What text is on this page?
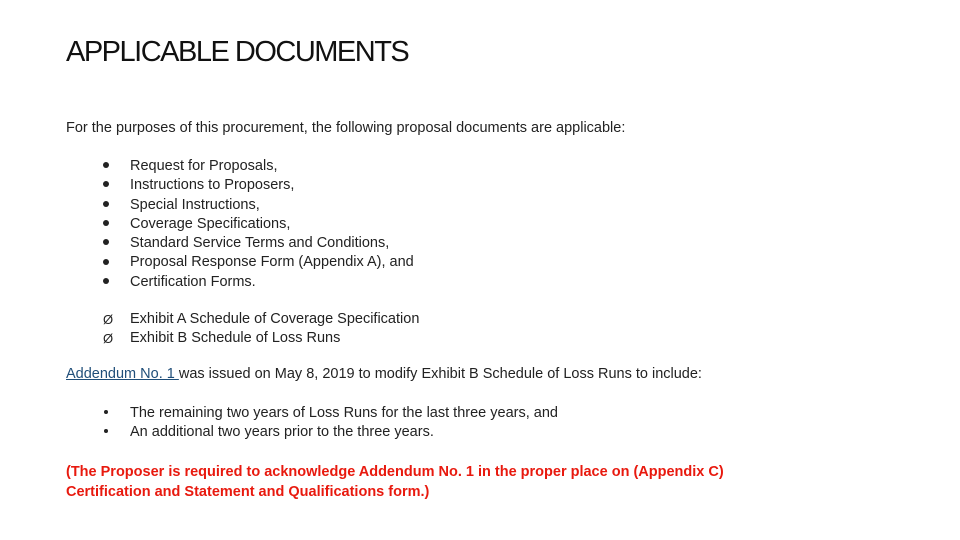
APPLICABLE DOCUMENTS
For the purposes of this procurement, the following proposal documents are applicable:
Request for Proposals,
Instructions to Proposers,
Special Instructions,
Coverage Specifications,
Standard Service Terms and Conditions,
Proposal Response Form (Appendix A), and
Certification Forms.
Ø Exhibit A Schedule of Coverage Specification
Ø Exhibit B Schedule of Loss Runs
Addendum No. 1 was issued on May 8, 2019 to modify Exhibit B Schedule of Loss Runs to include:
The remaining two years of Loss Runs for the last three years, and
An additional two years prior to the three years.
(The Proposer is required to acknowledge Addendum No. 1 in the proper place on (Appendix C)
Certification and Statement and Qualifications form.)
